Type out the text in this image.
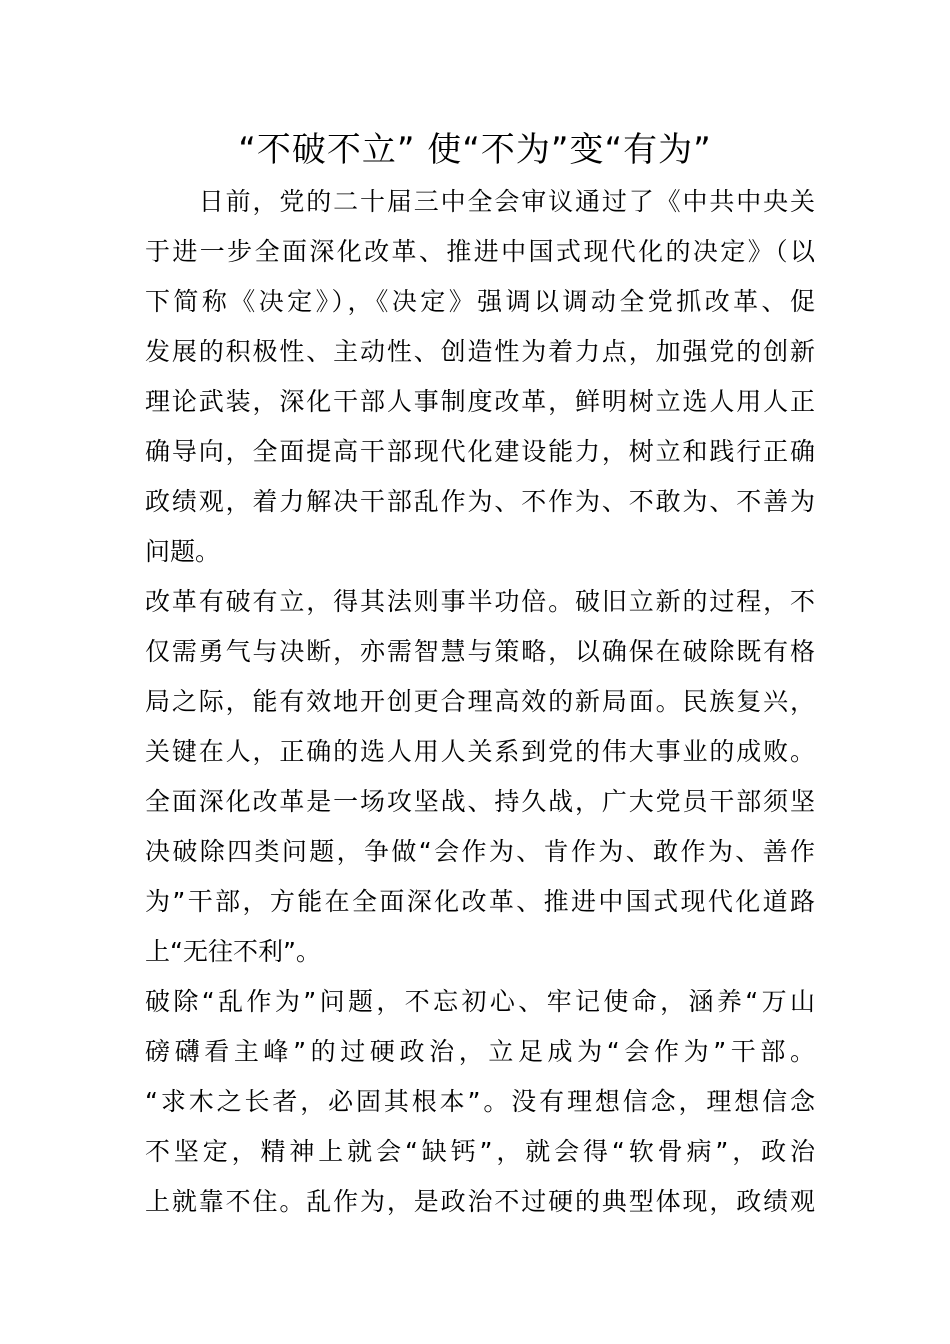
“不破不立” 使“不为”变“有为”
　　日前，党的二十届三中全会审议通过了《中共中央关
于进一步全面深化改革、推进中国式现代化的决定》（以
下简称《决定》），《决定》强调以调动全党抓改革、促
发展的积极性、主动性、创造性为着力点，加强党的创新
理论武装，深化干部人事制度改革，鲜明树立选人用人正
确导向，全面提高干部现代化建设能力，树立和践行正确
政绩观，着力解决干部乱作为、不作为、不敢为、不善为
问题。
改革有破有立，得其法则事半功倍。破旧立新的过程，不
仅需勇气与决断，亦需智慧与策略，以确保在破除既有格
局之际，能有效地开创更合理高效的新局面。民族复兴，
关键在人，正确的选人用人关系到党的伟大事业的成败。
全面深化改革是一场攻坚战、持久战，广大党员干部须坚
决破除四类问题，争做“会作为、肯作为、敢作为、善作
为”干部，方能在全面深化改革、推进中国式现代化道路
上“无往不利”。
破除“乱作为”问题，不忘初心、牢记使命，涵养“万山
磅礴看主峰”的过硬政治，立足成为“会作为”干部。
“求木之长者，必固其根本”。没有理想信念，理想信念
不坚定，精神上就会“缺钙”，就会得“软骨病”，政治
上就靠不住。乱作为，是政治不过硬的典型体现，政绩观
